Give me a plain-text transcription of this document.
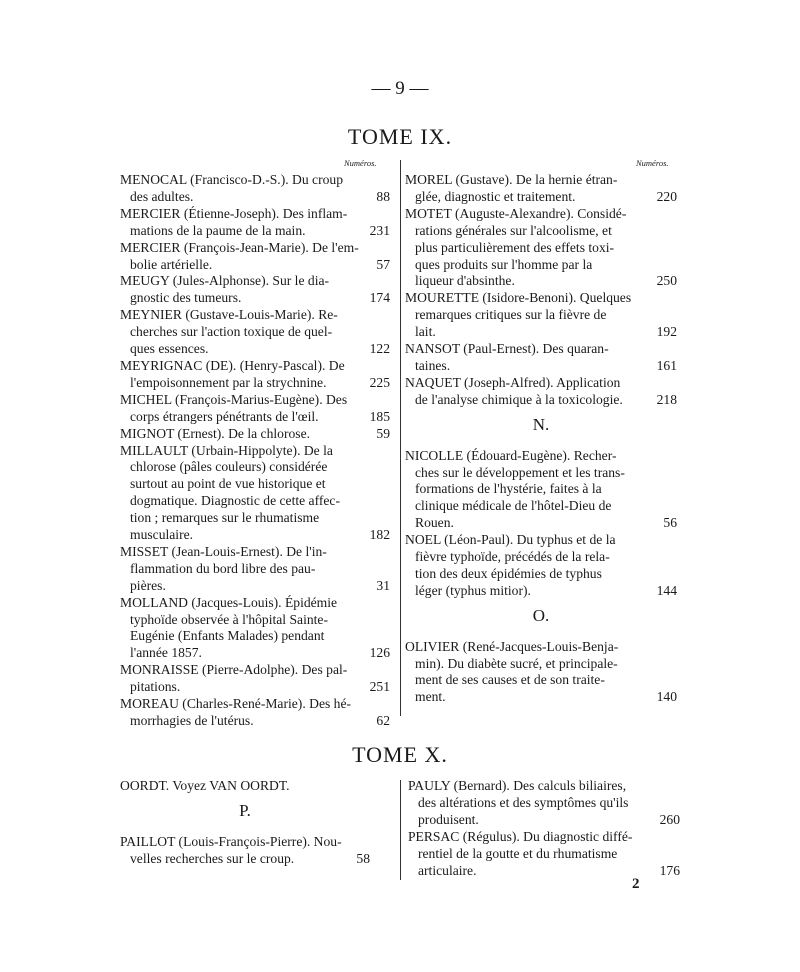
— 9 —
TOME IX.
Numéros.	Numéros.
MENOCAL (Francisco-D.-S.). Du croup
des adultes.	88
MERCIER (Étienne-Joseph). Des inflam-
mations de la paume de la main.	231
MERCIER (François-Jean-Marie). De l'em-
bolie artérielle.	57
MEUGY (Jules-Alphonse). Sur le dia-
gnostic des tumeurs.	174
MEYNIER (Gustave-Louis-Marie). Re-
cherches sur l'action toxique de quel-
ques essences.	122
MEYRIGNAC (DE). (Henry-Pascal). De
l'empoisonnement par la strychnine.	225
MICHEL (François-Marius-Eugène). Des
corps étrangers pénétrants de l'œil.	185
MIGNOT (Ernest). De la chlorose.	59
MILLAULT (Urbain-Hippolyte). De la
chlorose (pâles couleurs) considérée
surtout au point de vue historique et
dogmatique. Diagnostic de cette affec-
tion ; remarques sur le rhumatisme
musculaire.	182
MISSET (Jean-Louis-Ernest). De l'in-
flammation du bord libre des pau-
pières.	31
MOLLAND (Jacques-Louis). Épidémie
typhoïde observée à l'hôpital Sainte-
Eugénie (Enfants Malades) pendant
l'année 1857.	126
MONRAISSE (Pierre-Adolphe). Des pal-
pitations.	251
MOREAU (Charles-René-Marie). Des hé-
morrhagies de l'utérus.	62
MOREL (Gustave). De la hernie étran-
glée, diagnostic et traitement.	220
MOTET (Auguste-Alexandre). Considé-
rations générales sur l'alcoolisme, et
plus particulièrement des effets toxi-
ques produits sur l'homme par la
liqueur d'absinthe.	250
MOURETTE (Isidore-Benoni). Quelques
remarques critiques sur la fièvre de
lait.	192
NANSOT (Paul-Ernest). Des quaran-
taines.	161
NAQUET (Joseph-Alfred). Application
de l'analyse chimique à la toxicologie.	218
N.
NICOLLE (Édouard-Eugène). Recher-
ches sur le développement et les trans-
formations de l'hystérie, faites à la
clinique médicale de l'hôtel-Dieu de
Rouen.	56
NOEL (Léon-Paul). Du typhus et de la
fièvre typhoïde, précédés de la rela-
tion des deux épidémies de typhus
léger (typhus mitior).	144
O.
OLIVIER (René-Jacques-Louis-Benja-
min). Du diabète sucré, et principale-
ment de ses causes et de son traite-
ment.	140
TOME X.
OORDT. Voyez VAN OORDT.
P.
PAILLOT (Louis-François-Pierre). Nou-
velles recherches sur le croup.	58
PAULY (Bernard). Des calculs biliaires,
des altérations et des symptômes qu'ils
produisent.	260
PERSAC (Régulus). Du diagnostic diffé-
rentiel de la goutte et du rhumatisme
articulaire.	176
2
